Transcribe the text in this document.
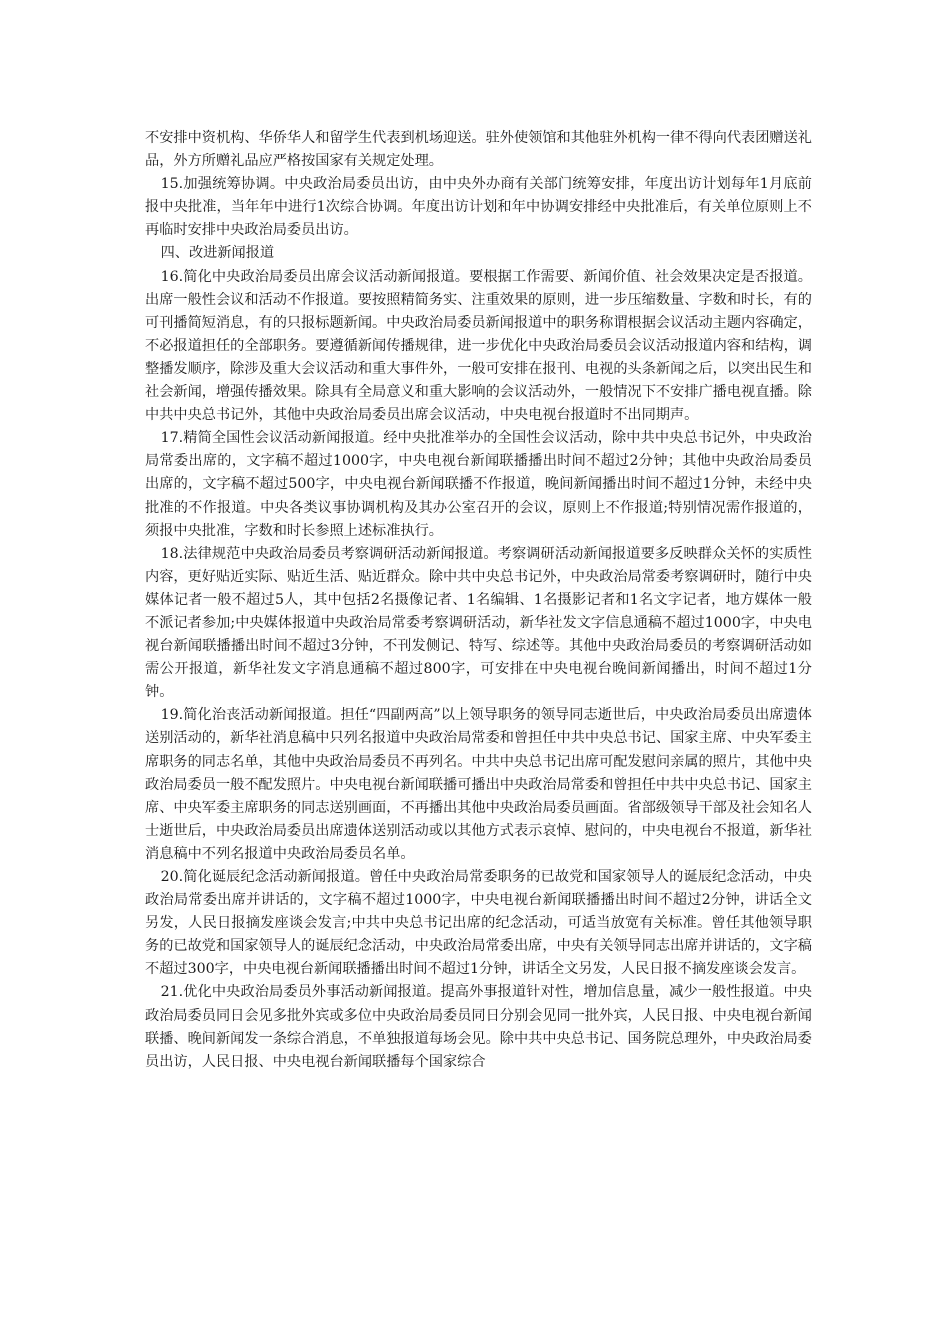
不安排中资机构、华侨华人和留学生代表到机场迎送。驻外使领馆和其他驻外机构一律不得向代表团赠送礼品，外方所赠礼品应严格按国家有关规定处理。

15.加强统筹协调。中央政治局委员出访，由中央外办商有关部门统筹安排，年度出访计划每年1月底前报中央批准，当年年中进行1次综合协调。年度出访计划和年中协调安排经中央批准后，有关单位原则上不再临时安排中央政治局委员出访。

四、改进新闻报道

16.简化中央政治局委员出席会议活动新闻报道。要根据工作需要、新闻价值、社会效果决定是否报道。出席一般性会议和活动不作报道。要按照精简务实、注重效果的原则，进一步压缩数量、字数和时长，有的可刊播简短消息，有的只报标题新闻。中央政治局委员新闻报道中的职务称谓根据会议活动主题内容确定，不必报道担任的全部职务。要遵循新闻传播规律，进一步优化中央政治局委员会议活动报道内容和结构，调整播发顺序，除涉及重大会议活动和重大事件外，一般可安排在报刊、电视的头条新闻之后，以突出民生和社会新闻，增强传播效果。除具有全局意义和重大影响的会议活动外，一般情况下不安排广播电视直播。除中共中央总书记外，其他中央政治局委员出席会议活动，中央电视台报道时不出同期声。

17.精简全国性会议活动新闻报道。经中央批准举办的全国性会议活动，除中共中央总书记外，中央政治局常委出席的，文字稿不超过1000字，中央电视台新闻联播播出时间不超过2分钟；其他中央政治局委员出席的，文字稿不超过500字，中央电视台新闻联播不作报道，晚间新闻播出时间不超过1分钟，未经中央批准的不作报道。中央各类议事协调机构及其办公室召开的会议，原则上不作报道;特别情况需作报道的，须报中央批准，字数和时长参照上述标准执行。

18.法律规范中央政治局委员考察调研活动新闻报道。考察调研活动新闻报道要多反映群众关怀的实质性内容，更好贴近实际、贴近生活、贴近群众。除中共中央总书记外，中央政治局常委考察调研时，随行中央媒体记者一般不超过5人，其中包括2名摄像记者、1名编辑、1名摄影记者和1名文字记者，地方媒体一般不派记者参加;中央媒体报道中央政治局常委考察调研活动，新华社发文字信息通稿不超过1000字，中央电视台新闻联播播出时间不超过3分钟，不刊发侧记、特写、综述等。其他中央政治局委员的考察调研活动如需公开报道，新华社发文字消息通稿不超过800字，可安排在中央电视台晚间新闻播出，时间不超过1分钟。

19.简化治丧活动新闻报道。担任“四副两高”以上领导职务的领导同志逝世后，中央政治局委员出席遗体送别活动的，新华社消息稿中只列名报道中央政治局常委和曾担任中共中央总书记、国家主席、中央军委主席职务的同志名单，其他中央政治局委员不再列名。中共中央总书记出席可配发慰问亲属的照片，其他中央政治局委员一般不配发照片。中央电视台新闻联播可播出中央政治局常委和曾担任中共中央总书记、国家主席、中央军委主席职务的同志送别画面，不再播出其他中央政治局委员画面。省部级领导干部及社会知名人士逝世后，中央政治局委员出席遗体送别活动或以其他方式表示哀悼、慰问的，中央电视台不报道，新华社消息稿中不列名报道中央政治局委员名单。

20.简化诞辰纪念活动新闻报道。曾任中央政治局常委职务的已故党和国家领导人的诞辰纪念活动，中央政治局常委出席并讲话的，文字稿不超过1000字，中央电视台新闻联播播出时间不超过2分钟，讲话全文另发，人民日报摘发座谈会发言;中共中央总书记出席的纪念活动，可适当放宽有关标准。曾任其他领导职务的已故党和国家领导人的诞辰纪念活动，中央政治局常委出席，中央有关领导同志出席并讲话的，文字稿不超过300字，中央电视台新闻联播播出时间不超过1分钟，讲话全文另发，人民日报不摘发座谈会发言。

21.优化中央政治局委员外事活动新闻报道。提高外事报道针对性，增加信息量，减少一般性报道。中央政治局委员同日会见多批外宾或多位中央政治局委员同日分别会见同一批外宾，人民日报、中央电视台新闻联播、晚间新闻发一条综合消息，不单独报道每场会见。除中共中央总书记、国务院总理外，中央政治局委员出访，人民日报、中央电视台新闻联播每个国家综合
